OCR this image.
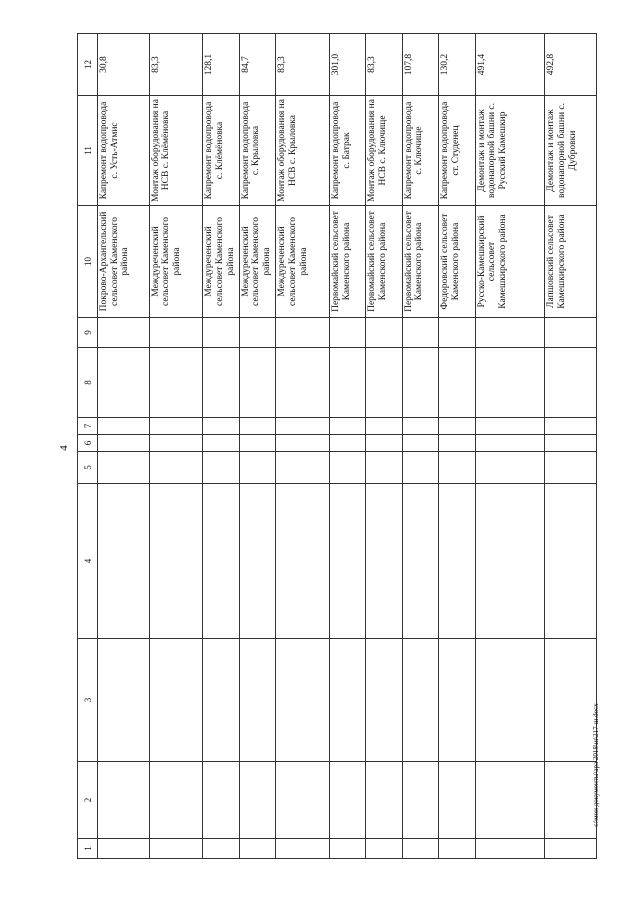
4
1	2	3	4	5	6	7	8	9	10	11	12
									Покрово-Архангельский сельсовет Каменского района	Капремонт водопровода с. Усть-Атмис	30,8
									Междуреченский сельсовет Каменского района	Монтаж оборудования на НСВ с. Клёмёновка	83,3
									Междуреченский сельсовет Каменского района	Капремонт водопровода с. Клёмёновка	128,1
									Междуреченский сельсовет Каменского района	Капремонт водопровода с. Крыловка	84,7
									Междуреченский сельсовет Каменского района	Монтаж оборудования на НСВ с. Крыловка	83,3
									Первомайский сельсовет Каменского района	Капремонт водопровода с. Батрак	301,0
									Первомайский сельсовет Каменского района	Монтаж оборудования на НСВ с. Ключище	83,3
									Первомайский сельсовет Каменского района	Капремонт водопровода с. Ключище	107,8
									Федоровский сельсовет Каменского района	Капремонт водопровода ст. Студенец	130,2
									Русско-Камешкирский сельсовет Камешкирского района	Демонтаж и монтаж водонапорной башни с. Русский Камешкир	491,4
									Лапшовский сельсовет Камешкирского района	Демонтаж и монтаж водонапорной башни с. Дубровки	492,8
c:\мои документы\ара 2018\ш\217-ш.docx
